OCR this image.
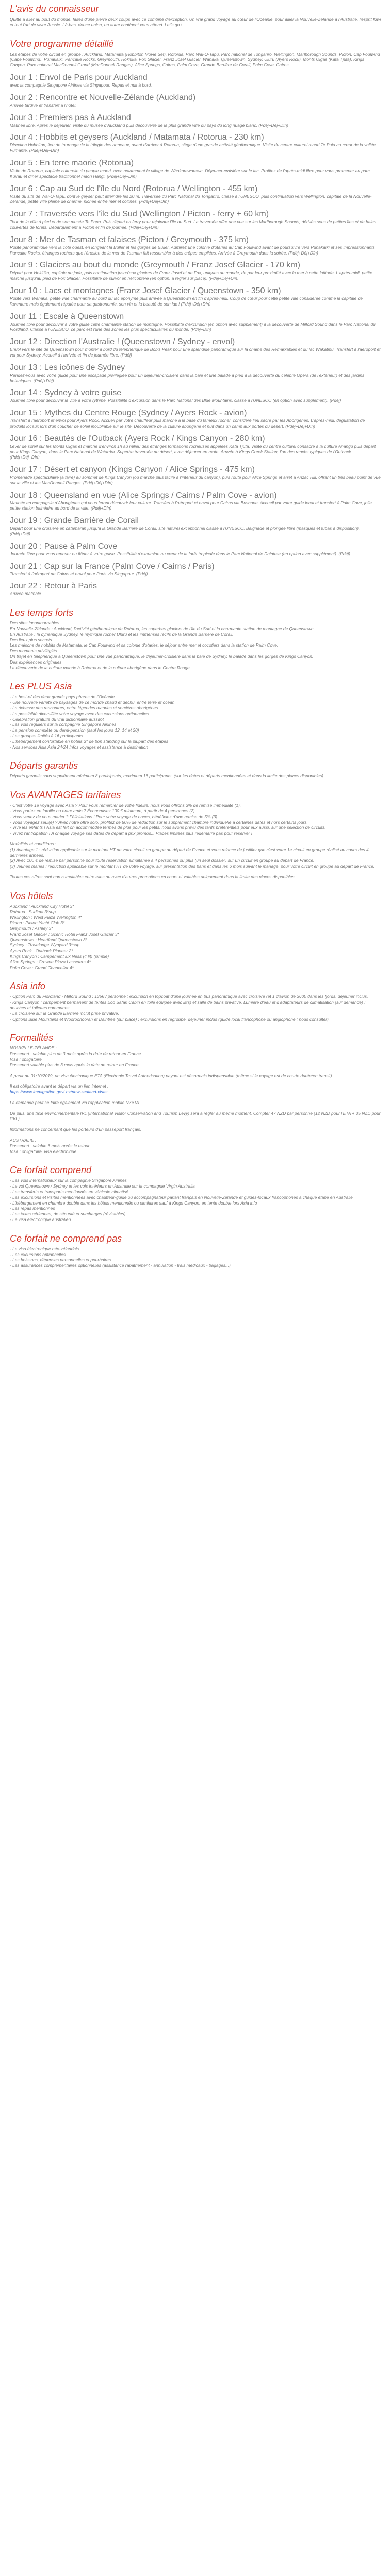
L'avis du connaisseur

Quitte à aller au bout du monde, faites d'une pierre deux coups avec ce combiné d'exception. Un vrai grand voyage au cœur de l'Océanie, pour allier la Nouvelle-Zélande à l'Australie, l'esprit Kiwi et tout l'art de vivre Aussie. Là-bas, douce union, un autre continent vous attend. Let's go !

Votre programme détaillé

Les étapes de votre circuit en groupe : Auckland, Matamata (Hobbiton Movie Set), Rotorua, Parc Wai-O-Tapu, Parc national de Tongariro, Wellington, Marlborough Sounds, Picton, Cap Foulwind (Cape Foulwind), Punakaiki, Pancake Rocks, Greymouth, Hokitika, Fox Glacier, Franz Josef Glacier, Wanaka, Queenstown, Sydney, Uluru (Ayers Rock), Monts Olgas (Kata Tjuta), Kings Canyon, Parc national MacDonnell Grand (MacDonnell Ranges), Alice Springs, Cairns, Palm Cove, Grande Barrière de Corail, Palm Cove, Cairns

Jour 1 : Envol de Paris pour Auckland
avec la compagnie Singapore Airlines via Singapour. Repas et nuit à bord.
Jour 2 : Rencontre et Nouvelle-Zélande (Auckland)
Arrivée tardive et transfert à l'hôtel.
Jour 3 : Premiers pas à Auckland
Matinée libre. Après le déjeuner, visite du musée d'Auckland puis découverte de la plus grande ville du pays du long nuage blanc. (Pdéj+Déj+Dîn)
Jour 4 : Hobbits et geysers (Auckland / Matamata / Rotorua - 230 km)
Direction Hobbiton, lieu de tournage de la trilogie des anneaux, avant d'arriver à Rotorua, siège d'une grande activité géothermique. Visite du centre culturel maori Te Puia au cœur de la vallée Fumante. (Pdéj+Déj+Dîn)
Jour 5 : En terre maorie (Rotorua)
Visite de Rotorua, capitale culturelle du peuple maori, avec notamment le village de Whakarewarewa. Déjeuner-croisière sur le lac. Profitez de l'après-midi libre pour vous promener au parc Kuirau et dîner spectacle traditionnel maori Hangi. (Pdéj+Déj+Dîn)
Jour 6 : Cap au Sud de l'île du Nord (Rotorua / Wellington - 455 km)
Visite du site de Wai-O-Tapu, dont le geyser peut atteindre les 20 m. Traversée du Parc National du Tongariro, classé à l'UNESCO, puis continuation vers Wellington, capitale de la Nouvelle-Zélande, petite ville pleine de charme, nichée entre mer et collines. (Pdéj+Déj+Dîn)
Jour 7 : Traversée vers l'île du Sud (Wellington / Picton - ferry + 60 km)
Tour de la ville à pied et de son musée Te Papa. Puis départ en ferry pour rejoindre l'île du Sud. La traversée offre une vue sur les Marlborough Sounds, dérivés sous de petites îles et de baies couvertes de forêts. Débarquement à Picton et fin de journée. (Pdéj+Déj+Dîn)
Jour 8 : Mer de Tasman et falaises (Picton / Greymouth - 375 km)
Route panoramique vers la côte ouest, en longeant la Buller et les gorges de Buller. Admirez une colonie d'otaries au Cap Foulwind avant de poursuivre vers Punakaiki et ses impressionnants Pancake Rocks, étranges rochers que l'érosion de la mer de Tasman fait ressembler à des crêpes empilées. Arrivée à Greymouth dans la soirée. (Pdéj+Déj+Dîn)
Jour 9 : Glaciers au bout du monde (Greymouth / Franz Josef Glacier - 170 km)
Départ pour Hokitika, capitale du jade, puis continuation jusqu'aux glaciers de Franz Josef et de Fox, uniques au monde, de par leur proximité avec la mer à cette latitude. L'après-midi, petite marche jusqu'au pied de Fox Glacier. Possibilité de survol en hélicoptère (en option, à régler sur place). (Pdéj+Déj+Dîn)
Jour 10 : Lacs et montagnes (Franz Josef Glacier / Queenstown - 350 km)
Route vers Wanaka, petite ville charmante au bord du lac éponyme puis arrivée à Queenstown en fin d'après-midi. Coup de cœur pour cette petite ville considérée comme la capitale de l'aventure mais également réputée pour sa gastronomie, son vin et la beauté de son lac ! (Pdéj+Déj+Dîn)
Jour 11 : Escale à Queenstown
Journée libre pour découvrir à votre guise cette charmante station de montagne. Possibilité d'excursion (en option avec supplément) à la découverte de Milford Sound dans le Parc National du Fiordland. Classé à l'UNESCO, ce parc est l'une des zones les plus spectaculaires du monde. (Pdéj+Dîn)
Jour 12 : Direction l'Australie ! (Queenstown / Sydney - envol)
Envol vers le site de Queenstown pour monter à bord du téléphérique de Bob's Peak pour une splendide panoramique sur la chaîne des Remarkables et du lac Wakatipu. Transfert à l'aéroport et vol pour Sydney. Accueil à l'arrivée et fin de journée libre. (Pdéj)
Jour 13 : Les icônes de Sydney
Rendez-vous avec votre guide pour une escapade privilégiée pour un déjeuner-croisière dans la baie et une balade à pied à la découverte du célèbre Opéra (de l'extérieur) et des jardins botaniques. (Pdéj+Déj)
Jour 14 : Sydney à votre guise
Journée libre pour découvrir la ville à votre rythme. Possibilité d'excursion dans le Parc National des Blue Mountains, classé à l'UNESCO (en option avec supplément). (Pdéj)
Jour 15 : Mythes du Centre Rouge (Sydney / Ayers Rock - avion)
Transfert à l'aéroport et envol pour Ayers Rock. Accueil par votre chauffeur puis marche à la base du fameux rocher, considéré lieu sacré par les Aborigènes. L'après-midi, dégustation de produits locaux lors d'un coucher de soleil inoubliable sur le site. Découverte de la culture aborigène et nuit dans un camp aux portes du désert. (Pdéj+Déj+Dîn)
Jour 16 : Beautés de l'Outback (Ayers Rock / Kings Canyon - 280 km)
Lever de soleil sur les Monts Olgas et marche d'environ 1h au milieu des étranges formations rocheuses appelées Kata Tjuta. Visite du centre culturel consacré à la culture Anangu puis départ pour Kings Canyon, dans le Parc National de Watarrka. Superbe traversée du désert, avec déjeuner en route. Arrivée à Kings Creek Station, l'un des ranchs typiques de l'Outback. (Pdéj+Déj+Dîn)
Jour 17 : Désert et canyon (Kings Canyon / Alice Springs - 475 km)
Promenade spectaculaire (à faire) au sommet de Kings Canyon (ou marche plus facile à l'intérieur du canyon), puis route pour Alice Springs et arrêt à Anzac Hill, offrant un très beau point de vue sur la ville et les MacDonnell Ranges. (Pdéj+Déj+Dîn)
Jour 18 : Queensland en vue (Alice Springs / Cairns / Palm Cove - avion)
Matinée en compagnie d'Aborigènes qui vous feront découvrir leur culture. Transfert à l'aéroport et envol pour Cairns via Brisbane. Accueil par votre guide local et transfert à Palm Cove, jolie petite station balnéaire au bord de la ville. (Pdéj+Dîn)
Jour 19 : Grande Barrière de Corail
Départ pour une croisière en catamaran jusqu'à la Grande Barrière de Corail, site naturel exceptionnel classé à l'UNESCO. Baignade et plongée libre (masques et tubas à disposition). (Pdéj+Déj)
Jour 20 : Pause à Palm Cove
Journée libre pour vous reposer ou flâner à votre guise. Possibilité d'excursion au cœur de la forêt tropicale dans le Parc National de Daintree (en option avec supplément). (Pdéj)
Jour 21 : Cap sur la France (Palm Cove / Cairns / Paris)
Transfert à l'aéroport de Cairns et envol pour Paris via Singapour. (Pdéj)
Jour 22 : Retour à Paris
Arrivée matinale.
Les temps forts

Des sites incontournables

En Nouvelle-Zélande : Auckland, l'activité géothermique de Rotorua, les superbes glaciers de l'île du Sud et la charmante station de montagne de Queenstown.

En Australie : la dynamique Sydney, le mythique rocher Uluru et les immenses récifs de la Grande Barrière de Corail.

Des lieux plus secrets

Les maisons de hobbits de Matamata, le Cap Foulwind et sa colonie d'otaries, le séjour entre mer et cocotiers dans la station de Palm Cove.

Des moments privilégiés

Un trajet en téléphérique à Queenstown pour une vue panoramique, le déjeuner-croisière dans la baie de Sydney, le balade dans les gorges de Kings Canyon.

Des expériences originales

La découverte de la culture maorie à Rotorua et de la culture aborigène dans le Centre Rouge.

Les PLUS Asia
- Le best-of des deux grands pays phares de l'Océanie
- Une nouvelle variété de paysages de ce monde chaud et déchu, entre terre et océan
- La richesse des rencontres, entre légendes maories et sorcières aborigènes
- La possibilité diversifiée votre voyage avec des excursions optionnelles
- Célébration gratuite du vrai dictionnaire aussitôt
- Les vols réguliers sur la compagnie Singapore Airlines
- La pension complète ou demi-pension (sauf les jours 12, 14 et 20)
- Les groupes limités à 16 participants
- L'hébergement confortable en hôtels 3* de bon standing sur la plupart des étapes
- Nos services Asia Asia 24/24 Infos voyages et assistance à destination
Départs garantis

Départs garantis sans supplément minimum 8 participants, maximum 16 participants. (sur les dates et départs mentionnées et dans la limite des places disponibles)

Vos AVANTAGES tarifaires

- C'est votre 1e voyage avec Asia ? Pour vous remercier de votre fidélité, nous vous offrons 3% de remise immédiate (1).

- Vous partez en famille ou entre amis ? Économisez 100 € minimum, à partir de 4 personnes (2).

- Vous venez de vous marier ? Félicitations ! Pour votre voyage de noces, bénéficiez d'une remise de 5% (3).

- Vous voyagez seul(e) ? Avec notre offre solo, profitez de 50% de réduction sur le supplément chambre individuelle à certaines dates et hors certains jours.

- Vive les enfants ! Asia est fait on accommodée termés de plus pour les petits, nous avons prévu des tarifs préférentiels pour eux aussi, sur une sélection de circuits.

- Vivez l'anticipation ! A chaque voyage ses dates de départ à prix promos... Places limitées plus redémarré pas pour réserver !

Modalités et conditions :

(1) Avantage 1 : réduction applicable sur le montant HT de votre circuit en groupe au départ de France et vous relance de justifier que c'est votre 1e circuit en groupe réalisé au cours des 4 dernières années.
(2) Avec 100 € de remise par personne pour toute réservation simultanée à 4 personnes ou plus (un seul dossier) sur un circuit en groupe au départ de France.
(3) Jeunes mariés : réduction applicable sur le montant HT de votre voyage, sur présentation des bans et dans les 6 mois suivant le mariage, pour votre circuit en groupe au départ de France.

Toutes ces offres sont non cumulables entre elles ou avec d'autres promotions en cours et valables uniquement dans la limite des places disponibles.

Vos hôtels
Auckland : Auckland City Hotel 3*
Rotorua : Sudima 3*sup
Wellington : West Plaza Wellington 4*
Picton : Picton Yacht Club 3*
Greymouth : Ashley 3*
Franz Josef Glacier : Scenic Hotel Franz Josef Glacier 3*
Queenstown : Heartland Queenstown 3*
Sydney : Travelodge Wynyard 3*sup
Ayers Rock : Outback Pioneer 2*
Kings Canyon : Campement lux Ness (4 lit) (simple)
Alice Springs : Crowne Plaza Lasseters 4*
Palm Cove : Grand Chancellor 4*
Asia info

- Option Parc du Fiordland - Milford Sound : 135€ / personne : excursion en topcoat d'une journée en bus panoramique avec croisière (et 1 d'avion de 3600 dans les fjords, déjeuner inclus.

- Kings Canyon : campement permanent de tentes Eco Safari Cabin en toile équipée avec lit(s) et salle de bains privative. Lumière d'eau et d'adaptateurs de climatisation (sur demande) ; douches et toilettes communes.

- La croisière sur la Grande Barrière inclut prise privative.

- Options Blue Mountains et Wooroonooran et Daintree (sur place) : excursions en regroupé, déjeuner inclus (guide local francophone ou anglophone : nous consulter).

Formalités

NOUVELLE-ZÉLANDE :

Passeport : valable plus de 3 mois après la date de retour en France.

Visa : obligatoire.

Passeport valable plus de 3 mois après la date de retour en France.

A partir du 01/10/2019, un visa électronique ETA (Electronic Travel Authorisation) payant est désormais indispensable (même si le voyage est de courte durée/en transit).

Il est obligatoire avant le départ via un lien internet :

https://www.immigration.govt.nz/new-zealand-visas

La demande peut se faire également via l'application mobile NZeTA.

De plus, une taxe environnementale IVL (International Visitor Conservation and Tourism Levy) sera à régler au même moment. Compter 47 NZD par personne (12 NZD pour l'ETA + 35 NZD pour l'IVL).

Informations ne concernant que les porteurs d'un passeport français.

AUSTRALIE :

Passeport : valable 6 mois après le retour.

Visa : obligatoire, visa électronique.

Ce forfait comprend
- Les vols internationaux sur la compagnie Singapore Airlines
- Le vol Queenstown / Sydney et les vols intérieurs en Australie sur la compagnie Virgin Australia
- Les transferts et transports mentionnés en véhicule climatisé
- Les excursions et visites mentionnées avec chauffeur-guide ou accompagnateur parlant français en Nouvelle-Zélande et guides-locaux francophones à chaque étape en Australie
- L'hébergement en chambre double dans les hôtels mentionnés ou similaires sauf à Kings Canyon, en tente double lors Asia info
- Les repas mentionnés
- Les taxes aériennes, de sécurité et surcharges (révisables)
- Le visa électronique australien.
Ce forfait ne comprend pas
- Le visa électronique néo-zélandais
- Les excursions optionnelles
- Les boissons, dépenses personnelles et pourboires
- Les assurances complémentaires optionnelles (assistance rapatriement - annulation - frais médicaux - bagages...)
